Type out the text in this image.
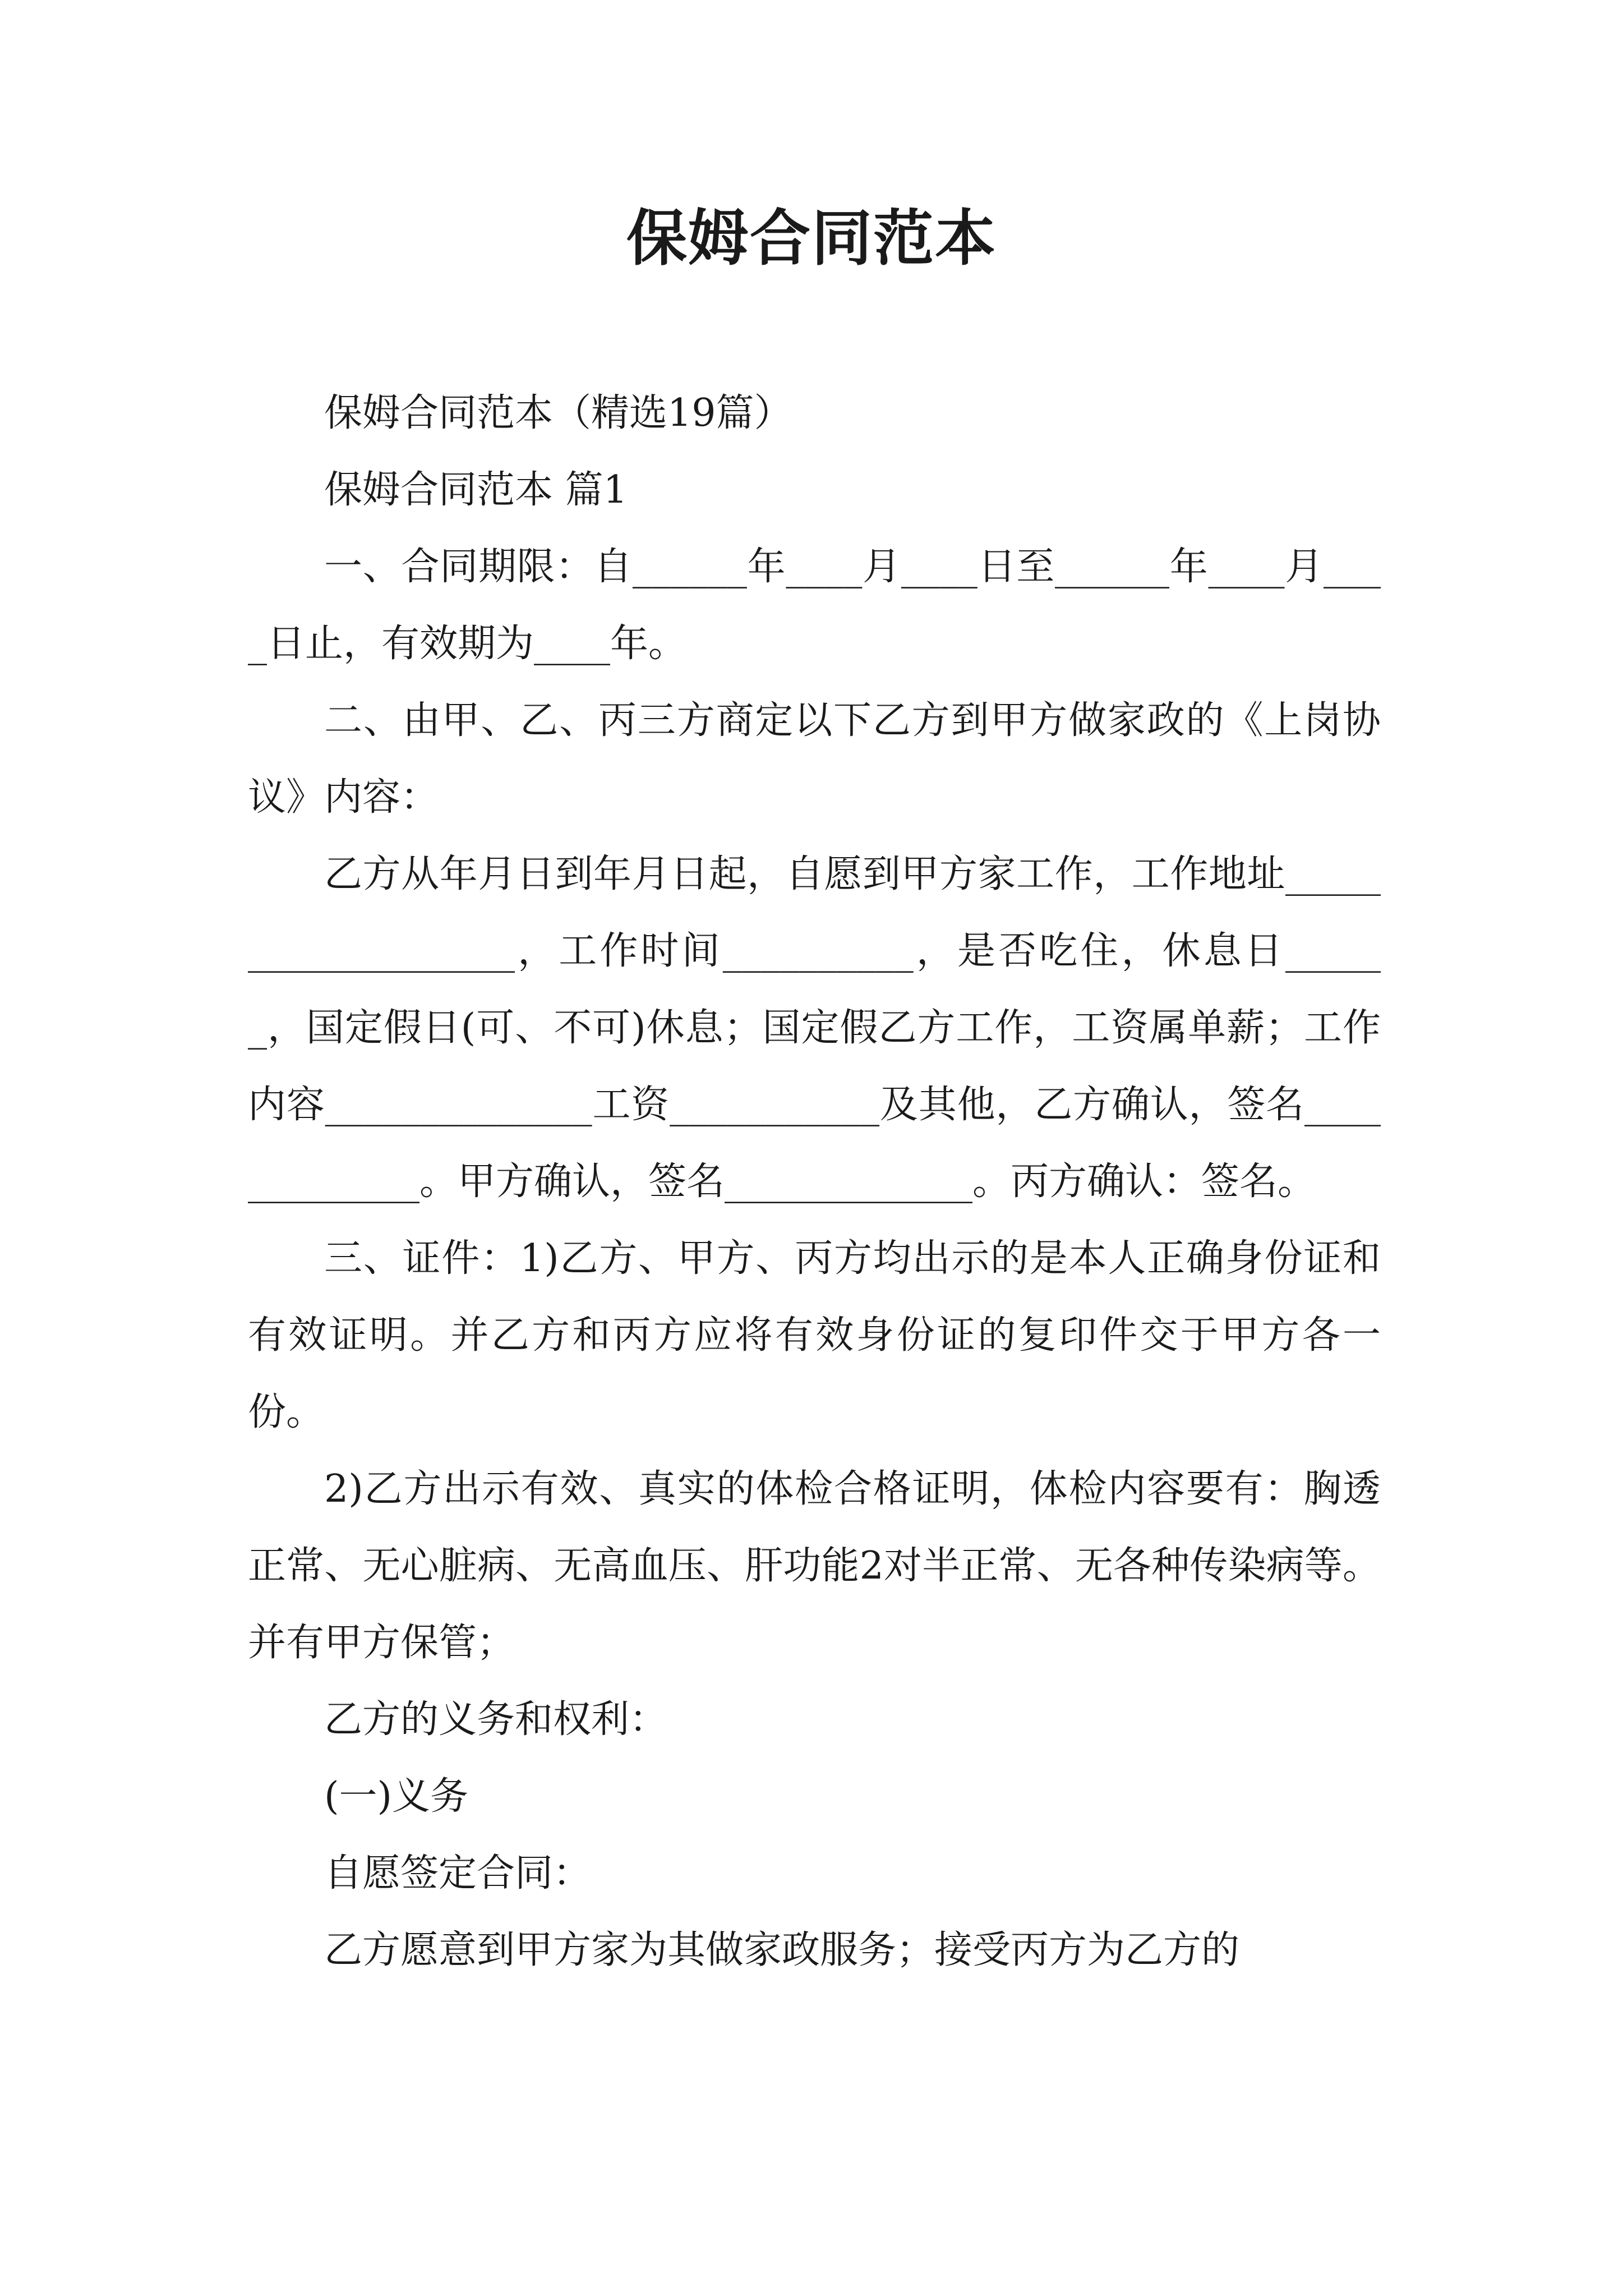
保姆合同范本

保姆合同范本（精选19篇）

保姆合同范本 篇1

一、合同期限：自______年____月____日至______年____月____日止，有效期为____年。

二、由甲、乙、丙三方商定以下乙方到甲方做家政的《上岗协议》内容：

乙方从年月日到年月日起，自愿到甲方家工作，工作地址___________________，工作时间__________，是否吃住，休息日______，国定假日(可、不可)休息；国定假乙方工作，工资属单薪；工作内容______________工资___________及其他，乙方确认，签名_____________。甲方确认，签名_____________。丙方确认：签名。

三、证件：1)乙方、甲方、丙方均出示的是本人正确身份证和有效证明。并乙方和丙方应将有效身份证的复印件交于甲方各一份。

2)乙方出示有效、真实的体检合格证明，体检内容要有：胸透正常、无心脏病、无高血压、肝功能2对半正常、无各种传染病等。并有甲方保管；

乙方的义务和权利：

(一)义务

自愿签定合同：

乙方愿意到甲方家为其做家政服务；接受丙方为乙方的
